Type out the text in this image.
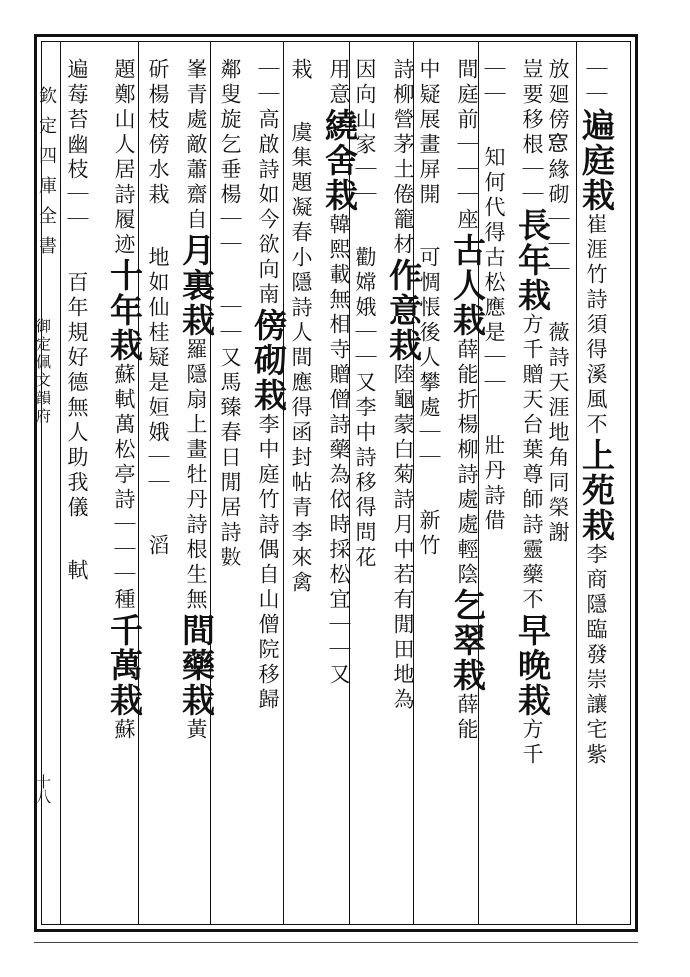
欽定四庫全書
御定佩文韻府
十八
｜｜
遍庭栽
崔涯竹詩須得溪風不
上苑栽
李商隱臨發崇讓宅紫
放廻傍𥦗緣砌｜｜｜
薇詩天涯地角同榮謝
豈要移根｜｜
長年栽
方千贈天台葉尊師詩靈藥不
早晚栽
方千
｜｜
知何代得古松應是｜｜
壯丹詩借
間庭前｜｜｜
座
古人栽
薛能折楊柳詩處處輕陰
乞翠栽
薛能
中疑展畫屏開
可惆悵後人攀處｜｜
新竹
詩柳營茅土倦籠材
作意栽
陸龜蒙白菊詩月中若有閒田地為
因向山家｜｜
勸嫦娥｜｜
又李中詩移得問花
用意
繞舍栽
韓熙載無相寺贈僧詩藥為依時採松宜
｜｜
又
栽
虞集題凝春小隱詩人間應得函封帖青李來禽
｜｜高啟詩如今欲向南
傍砌栽
李中庭竹詩偶自山僧院移歸
鄰叟旋乞垂楊｜｜
｜｜
又馬臻春日閒居詩𢿙
峯青處敵蕭齋自
月裏栽
羅隱扇上畫牡丹詩根生無
間藥栽
黃
斫楊枝傍水栽
地如仙桂疑是姮娥｜｜
滔
題鄭山人居詩履迹
十年栽
蘇軾萬松亭詩｜｜｜
種
千萬栽
蘇
遍莓苔幽枝｜｜
百年規好德無人助我儀
軾
